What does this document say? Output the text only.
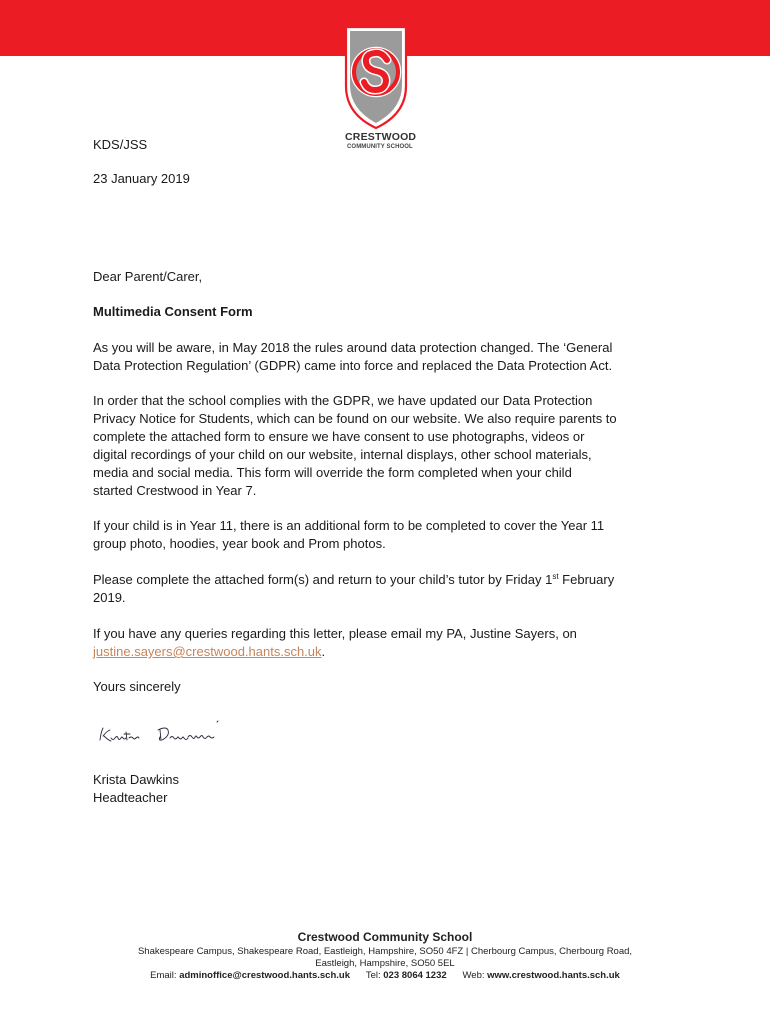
CRESTWOOD
COMMUNITY SCHOOL
KDS/JSS
23 January 2019
Dear Parent/Carer,
Multimedia Consent Form
As you will be aware, in May 2018 the rules around data protection changed. The ‘General
Data Protection Regulation’ (GDPR) came into force and replaced the Data Protection Act.
In order that the school complies with the GDPR, we have updated our Data Protection
Privacy Notice for Students, which can be found on our website. We also require parents to
complete the attached form to ensure we have consent to use photographs, videos or
digital recordings of your child on our website, internal displays, other school materials,
media and social media. This form will override the form completed when your child
started Crestwood in Year 7.
If your child is in Year 11, there is an additional form to be completed to cover the Year 11
group photo, hoodies, year book and Prom photos.
Please complete the attached form(s) and return to your child’s tutor by Friday 1st February
2019.
If you have any queries regarding this letter, please email my PA, Justine Sayers, on
justine.sayers@crestwood.hants.sch.uk.
Yours sincerely
Krista Dawkins
Headteacher
Crestwood Community School
Shakespeare Campus, Shakespeare Road, Eastleigh, Hampshire, SO50 4FZ | Cherbourg Campus, Cherbourg Road,
Eastleigh, Hampshire, SO50 5EL
Email: adminoffice@crestwood.hants.sch.uk Tel: 023 8064 1232 Web: www.crestwood.hants.sch.uk
